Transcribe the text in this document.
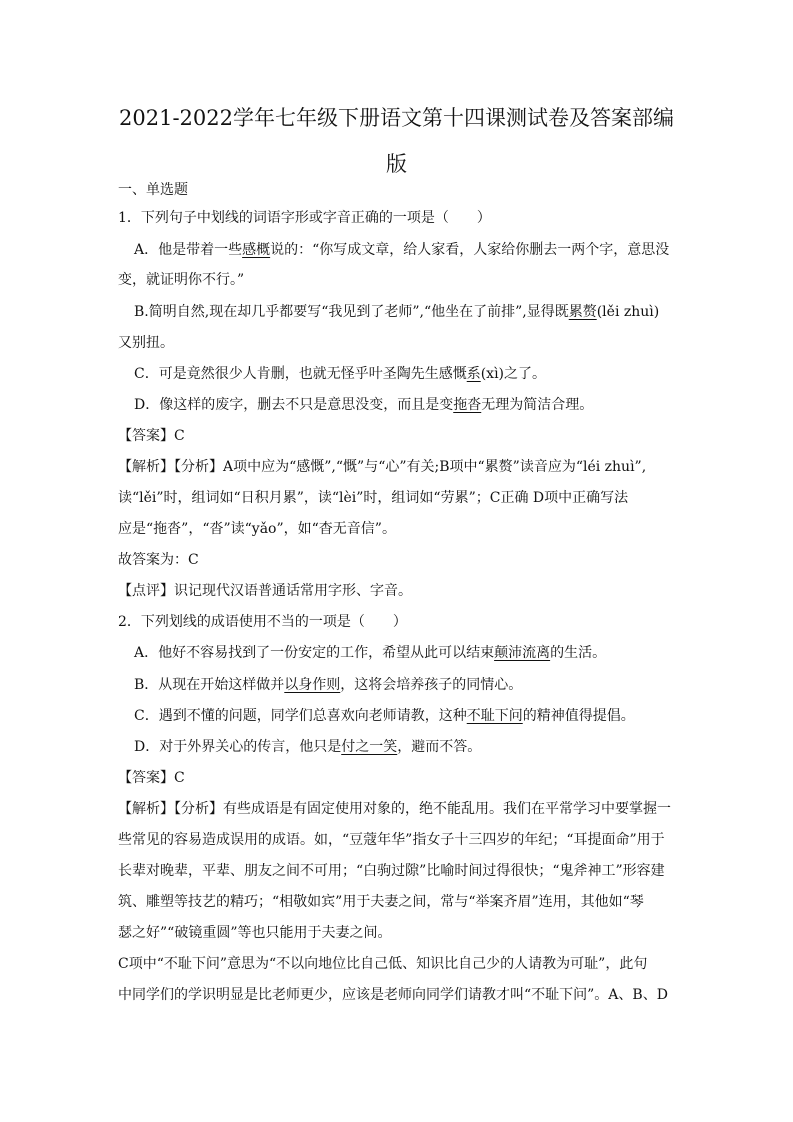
2021-2022学年七年级下册语文第十四课测试卷及答案部编
版
一、单选题
1．下列句子中划线的词语字形或字音正确的一项是（　　）
A．他是带着一些感概说的：“你写成文章，给人家看，人家给你删去一两个字，意思没
变，就证明你不行。”
B.简明自然,现在却几乎都要写“我见到了老师”,“他坐在了前排”,显得既累赘(lěi zhuì)
又别扭。
C．可是竟然很少人肯删，也就无怪乎叶圣陶先生感慨系(xì)之了。
D．像这样的废字，删去不只是意思没变，而且是变拖沓无理为简洁合理。
【答案】C
【解析】【分析】A项中应为“感慨”,“慨”与“心”有关;B项中“累赘”读音应为“léi zhuì”,
读“lěi”时，组词如“日积月累”，读“lèi”时，组词如“劳累”；C正确 D项中正确写法
应是“拖沓”，“沓”读“yǎo”，如“杳无音信”。
故答案为：C
【点评】识记现代汉语普通话常用字形、字音。
2．下列划线的成语使用不当的一项是（　　）
A．他好不容易找到了一份安定的工作，希望从此可以结束颠沛流离的生活。
B．从现在开始这样做并以身作则，这将会培养孩子的同情心。
C．遇到不懂的问题，同学们总喜欢向老师请教，这种不耻下问的精神值得提倡。
D．对于外界关心的传言，他只是付之一笑，避而不答。
【答案】C
【解析】【分析】有些成语是有固定使用对象的，绝不能乱用。我们在平常学习中要掌握一
些常见的容易造成误用的成语。如，“豆蔻年华”指女子十三四岁的年纪；“耳提面命”用于
长辈对晚辈，平辈、朋友之间不可用；“白驹过隙”比喻时间过得很快；“鬼斧神工”形容建
筑、雕塑等技艺的精巧；“相敬如宾”用于夫妻之间，常与“举案齐眉”连用，其他如“琴
瑟之好”“破镜重圆”等也只能用于夫妻之间。
C项中“不耻下问”意思为“不以向地位比自己低、知识比自己少的人请教为可耻”，此句
中同学们的学识明显是比老师更少，应该是老师向同学们请教才叫“不耻下问”。A、B、D
